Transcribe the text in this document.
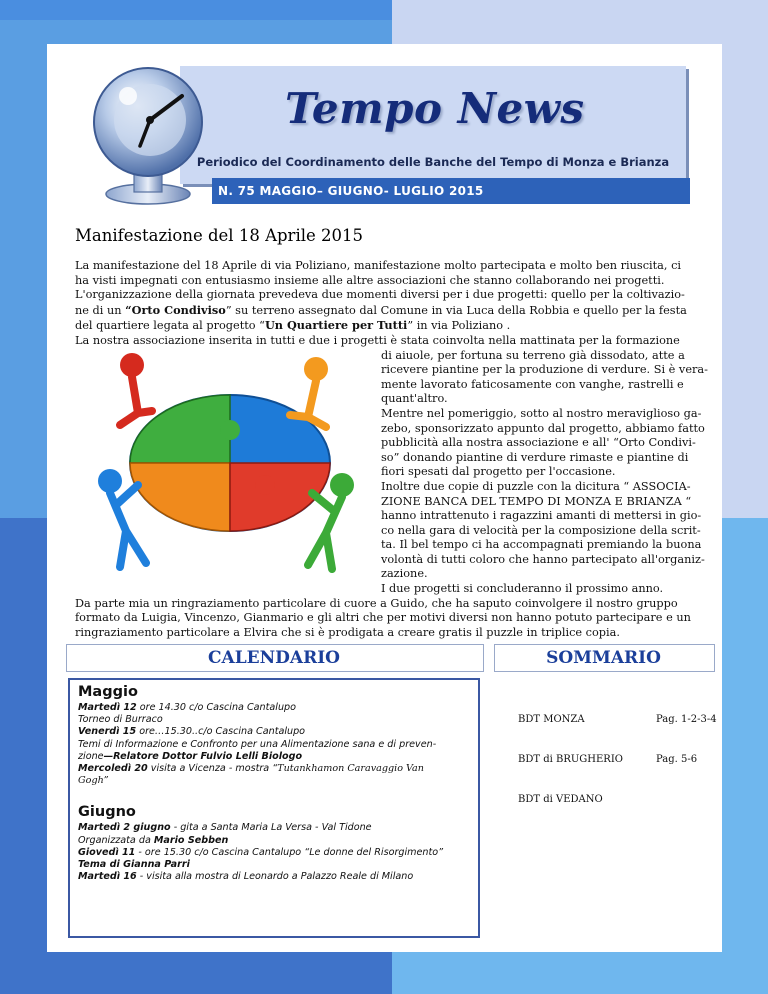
Tempo News
Periodico del Coordinamento delle Banche del Tempo di Monza e Brianza
N. 75 MAGGIO– GIUGNO- LUGLIO 2015
Manifestazione del 18 Aprile 2015

La manifestazione del 18 Aprile di via Poliziano, manifestazione molto partecipata e molto ben riuscita, ci

ha visti impegnati con entusiasmo insieme alle altre associazioni che stanno collaborando nei progetti.

L'organizzazione della giornata prevedeva due momenti diversi per i due progetti: quello per la coltivazio-

ne di un “Orto Condiviso” su terreno assegnato dal Comune in via Luca della Robbia e quello per la festa

del quartiere legata al progetto “Un Quartiere per Tutti” in via Poliziano .

La nostra associazione inserita in tutti e due i progetti è stata coinvolta nella mattinata per la formazione

di aiuole, per fortuna su terreno già dissodato, atte a

ricevere piantine per la produzione di verdure. Si è vera-

mente lavorato faticosamente con vanghe, rastrelli e

quant'altro.

Mentre nel pomeriggio, sotto al nostro meraviglioso ga-

zebo, sponsorizzato appunto dal progetto, abbiamo fatto

pubblicità alla nostra associazione e all' “Orto Condivi-

so” donando piantine di verdure rimaste e piantine di

fiori spesati dal progetto per l'occasione.

Inoltre due copie di puzzle con la dicitura “ ASSOCIA-

ZIONE BANCA DEL TEMPO DI MONZA E BRIANZA “

hanno intrattenuto i ragazzini amanti di mettersi in gio-

co nella gara di velocità per la composizione della scrit-

ta. Il bel tempo ci ha accompagnati premiando la buona

volontà di tutti coloro che hanno partecipato all'organiz-

zazione.

I due progetti si concluderanno il prossimo anno.

Da parte mia un ringraziamento particolare di cuore a Guido, che ha saputo coinvolgere il nostro gruppo

formato da Luigia, Vincenzo, Gianmario e gli altri che per motivi diversi non hanno potuto partecipare e un

ringraziamento particolare a Elvira che si è prodigata a creare gratis il puzzle in triplice copia.

CALENDARIO	SOMMARIO

Maggio

Martedì 12 ore 14.30 c/o Cascina Cantalupo

Torneo di Burraco

Venerdì 15 ore…15.30..c/o Cascina Cantalupo

Temi di Informazione e Confronto per una Alimentazione sana e di preven-

zione—Relatore Dottor Fulvio Lelli Biologo

Mercoledì 20 visita a Vicenza - mostra “Tutankhamon Caravaggio Van

Gogh”

Giugno

Martedì 2 giugno - gita a Santa Maria La Versa - Val Tidone

Organizzata da Mario Sebben

Giovedì 11 - ore 15.30 c/o Cascina Cantalupo “Le donne del Risorgimento”

Tema di Gianna Parri

Martedì 16 - visita alla mostra di Leonardo a Palazzo Reale di Milano

BDT MONZA	Pag. 1-2-3-4
BDT di BRUGHERIO	Pag. 5-6
BDT di VEDANO
